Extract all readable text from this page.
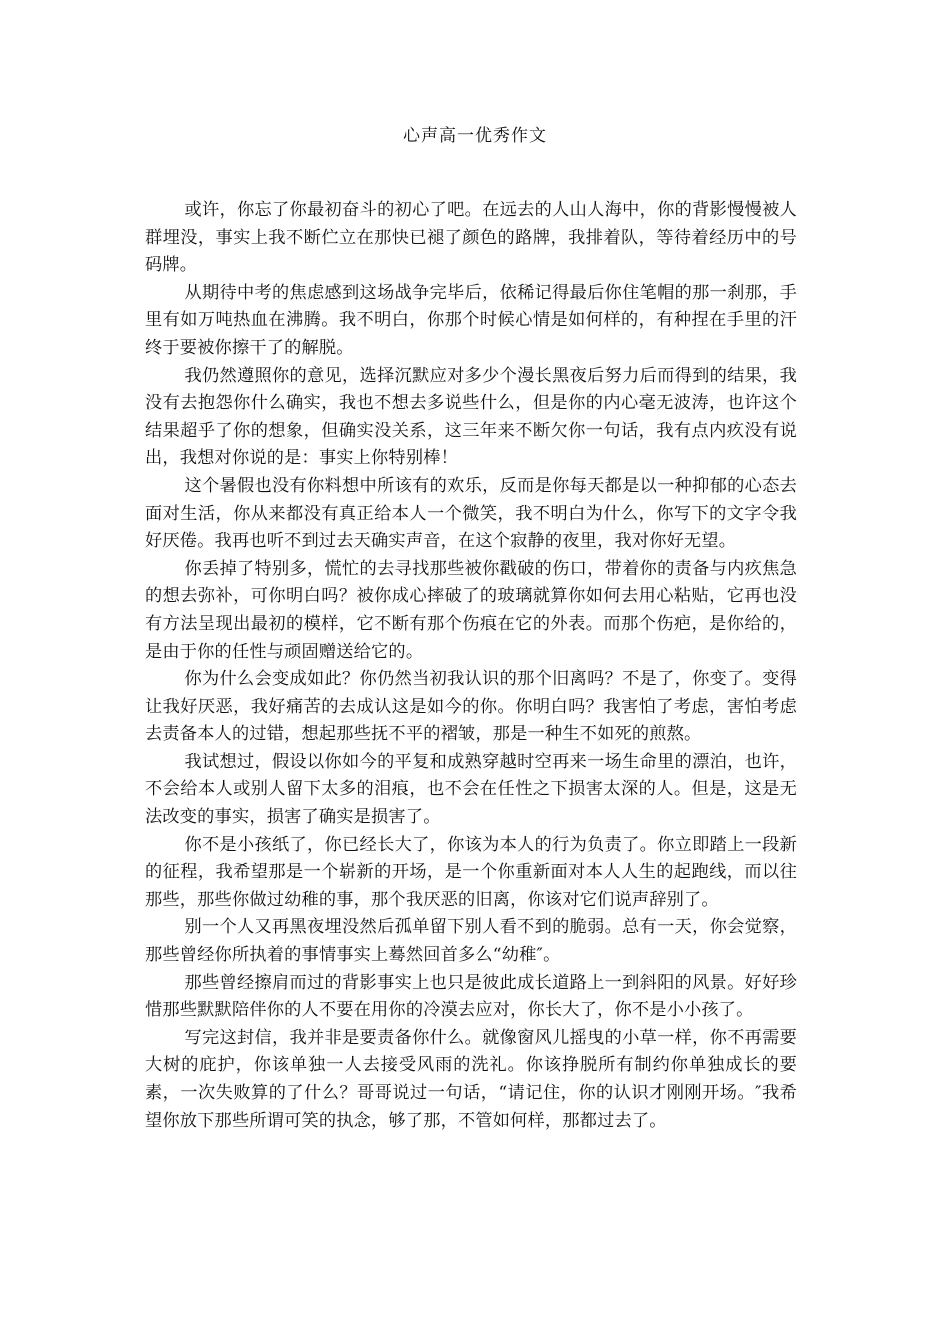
心声高一优秀作文

或许，你忘了你最初奋斗的初心了吧。在远去的人山人海中，你的背影慢慢被人群埋没，事实上我不断伫立在那快已褪了颜色的路牌，我排着队，等待着经历中的号码牌。

从期待中考的焦虑感到这场战争完毕后，依稀记得最后你住笔帽的那一刹那，手里有如万吨热血在沸腾。我不明白，你那个时候心情是如何样的，有种捏在手里的汗终于要被你擦干了的解脱。

我仍然遵照你的意见，选择沉默应对多少个漫长黑夜后努力后而得到的结果，我没有去抱怨你什么确实，我也不想去多说些什么，但是你的内心毫无波涛，也许这个结果超乎了你的想象，但确实没关系，这三年来不断欠你一句话，我有点内疚没有说出，我想对你说的是：事实上你特别棒！

这个暑假也没有你料想中所该有的欢乐，反而是你每天都是以一种抑郁的心态去面对生活，你从来都没有真正给本人一个微笑，我不明白为什么，你写下的文字令我好厌倦。我再也听不到过去天确实声音，在这个寂静的夜里，我对你好无望。

你丢掉了特别多，慌忙的去寻找那些被你戳破的伤口，带着你的责备与内疚焦急的想去弥补，可你明白吗？被你成心摔破了的玻璃就算你如何去用心粘贴，它再也没有方法呈现出最初的模样，它不断有那个伤痕在它的外表。而那个伤疤，是你给的，是由于你的任性与顽固赠送给它的。

你为什么会变成如此？你仍然当初我认识的那个旧离吗？不是了，你变了。变得让我好厌恶，我好痛苦的去成认这是如今的你。你明白吗？我害怕了考虑，害怕考虑去责备本人的过错，想起那些抚不平的褶皱，那是一种生不如死的煎熬。

我试想过，假设以你如今的平复和成熟穿越时空再来一场生命里的漂泊，也许，不会给本人或别人留下太多的泪痕，也不会在任性之下损害太深的人。但是，这是无法改变的事实，损害了确实是损害了。

你不是小孩纸了，你已经长大了，你该为本人的行为负责了。你立即踏上一段新的征程，我希望那是一个崭新的开场，是一个你重新面对本人人生的起跑线，而以往那些，那些你做过幼稚的事，那个我厌恶的旧离，你该对它们说声辞别了。

别一个人又再黑夜埋没然后孤单留下别人看不到的脆弱。总有一天，你会觉察，那些曾经你所执着的事情事实上蓦然回首多么“幼稚″。

那些曾经擦肩而过的背影事实上也只是彼此成长道路上一到斜阳的风景。好好珍惜那些默默陪伴你的人不要在用你的冷漠去应对，你长大了，你不是小小孩了。

写完这封信，我并非是要责备你什么。就像窗风儿摇曳的小草一样，你不再需要大树的庇护，你该单独一人去接受风雨的洗礼。你该挣脱所有制约你单独成长的要素，一次失败算的了什么？哥哥说过一句话，“请记住，你的认识才刚刚开场。″我希望你放下那些所谓可笑的执念，够了那，不管如何样，那都过去了。
